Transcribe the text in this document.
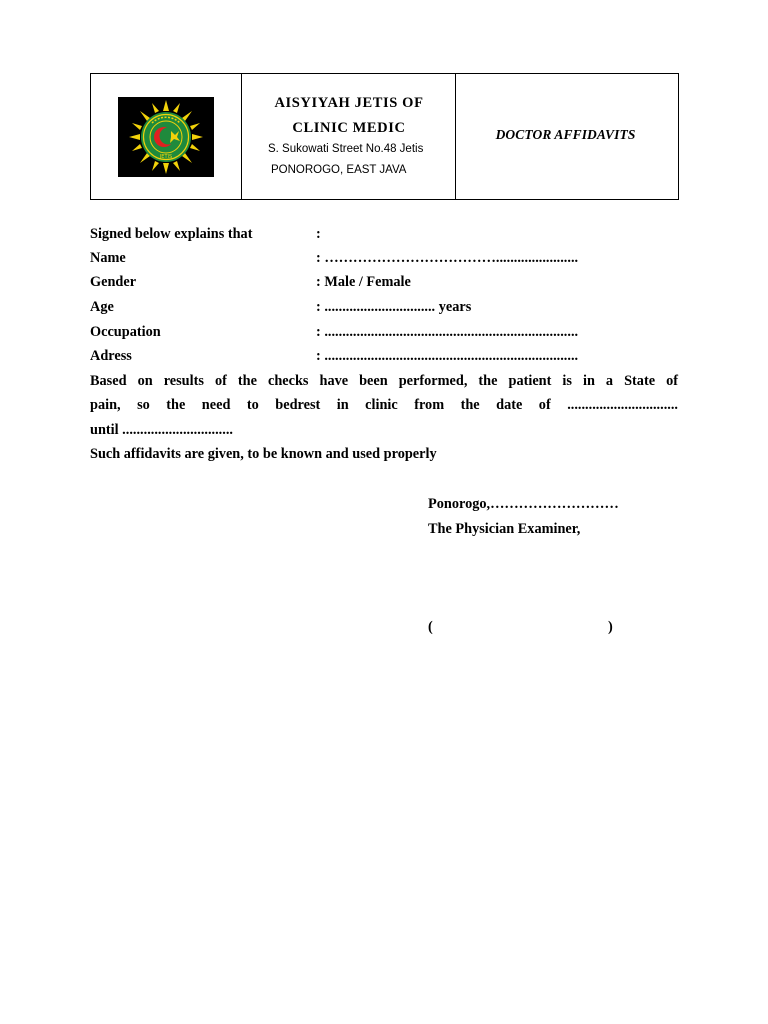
JETIS
AISYIYAH JETIS OF
CLINIC MEDIC
S. Sukowati Street No.48 Jetis
PONOROGO, EAST JAVA
DOCTOR AFFIDAVITS
Signed below explains that	:
Name	: ……………………………….......................
Gender	: Male / Female
Age	: ............................... years
Occupation	: .......................................................................
Adress	: .......................................................................
Based on results of the checks have been performed, the patient is in a State of
pain, so the need to bedrest in clinic from the date of ...............................
until ...............................
Such affidavits are given, to be known and used properly
Ponorogo,………………………
The Physician Examiner,
(	)
